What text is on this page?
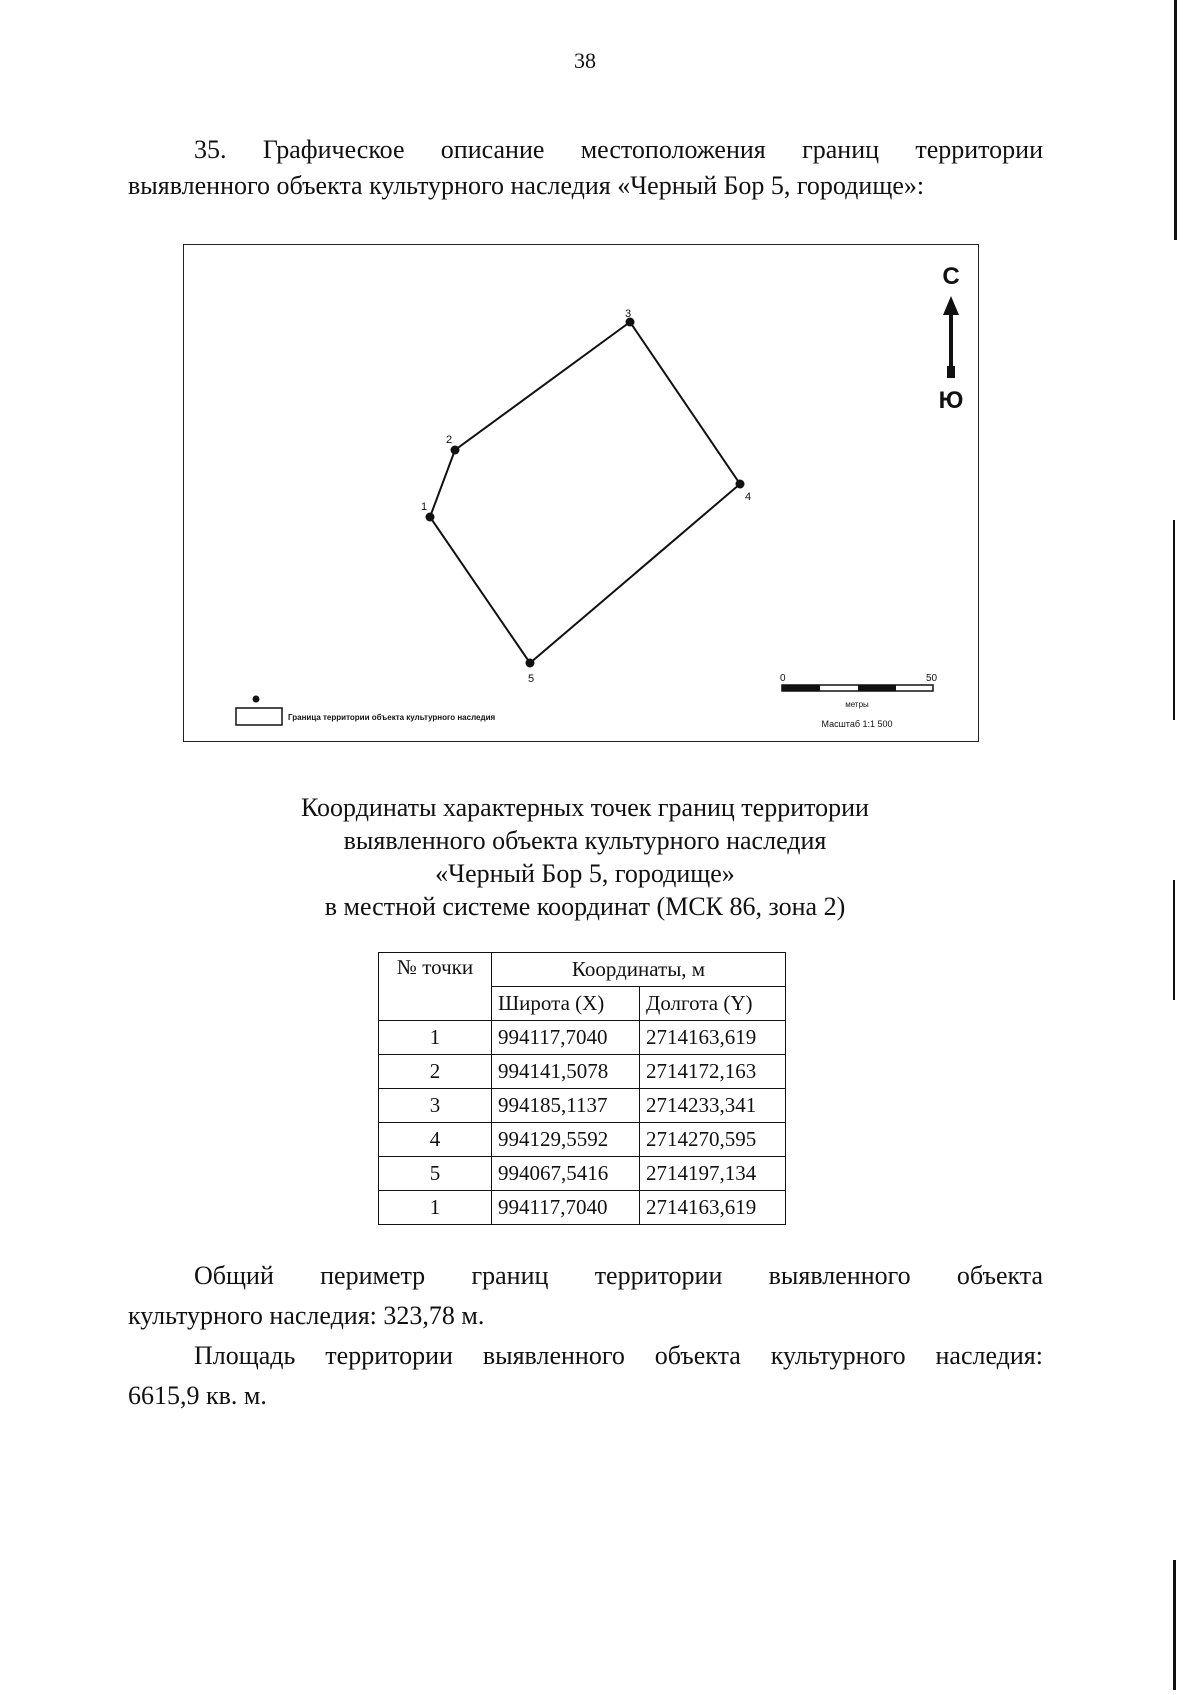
38

35. Графическое описание местоположения границ территории

выявленного объекта культурного наследия «Черный Бор 5, городище»:

1
2
3
4
5
С
Ю
Граница территории объекта культурного наследия
0	50
метры
Масштаб 1:1 500
Координаты характерных точек границ территории
выявленного объекта культурного наследия
«Черный Бор 5, городище»
в местной системе координат (МСК 86, зона 2)
№ точки	Координаты, м	
	Широта (X)	Долгота (Y)
1	994117,7040	2714163,619
2	994141,5078	2714172,163
3	994185,1137	2714233,341
4	994129,5592	2714270,595
5	994067,5416	2714197,134
1	994117,7040	2714163,619

Общий периметр границ территории выявленного объекта

культурного наследия: 323,78 м.

Площадь территории выявленного объекта культурного наследия:

6615,9 кв. м.
